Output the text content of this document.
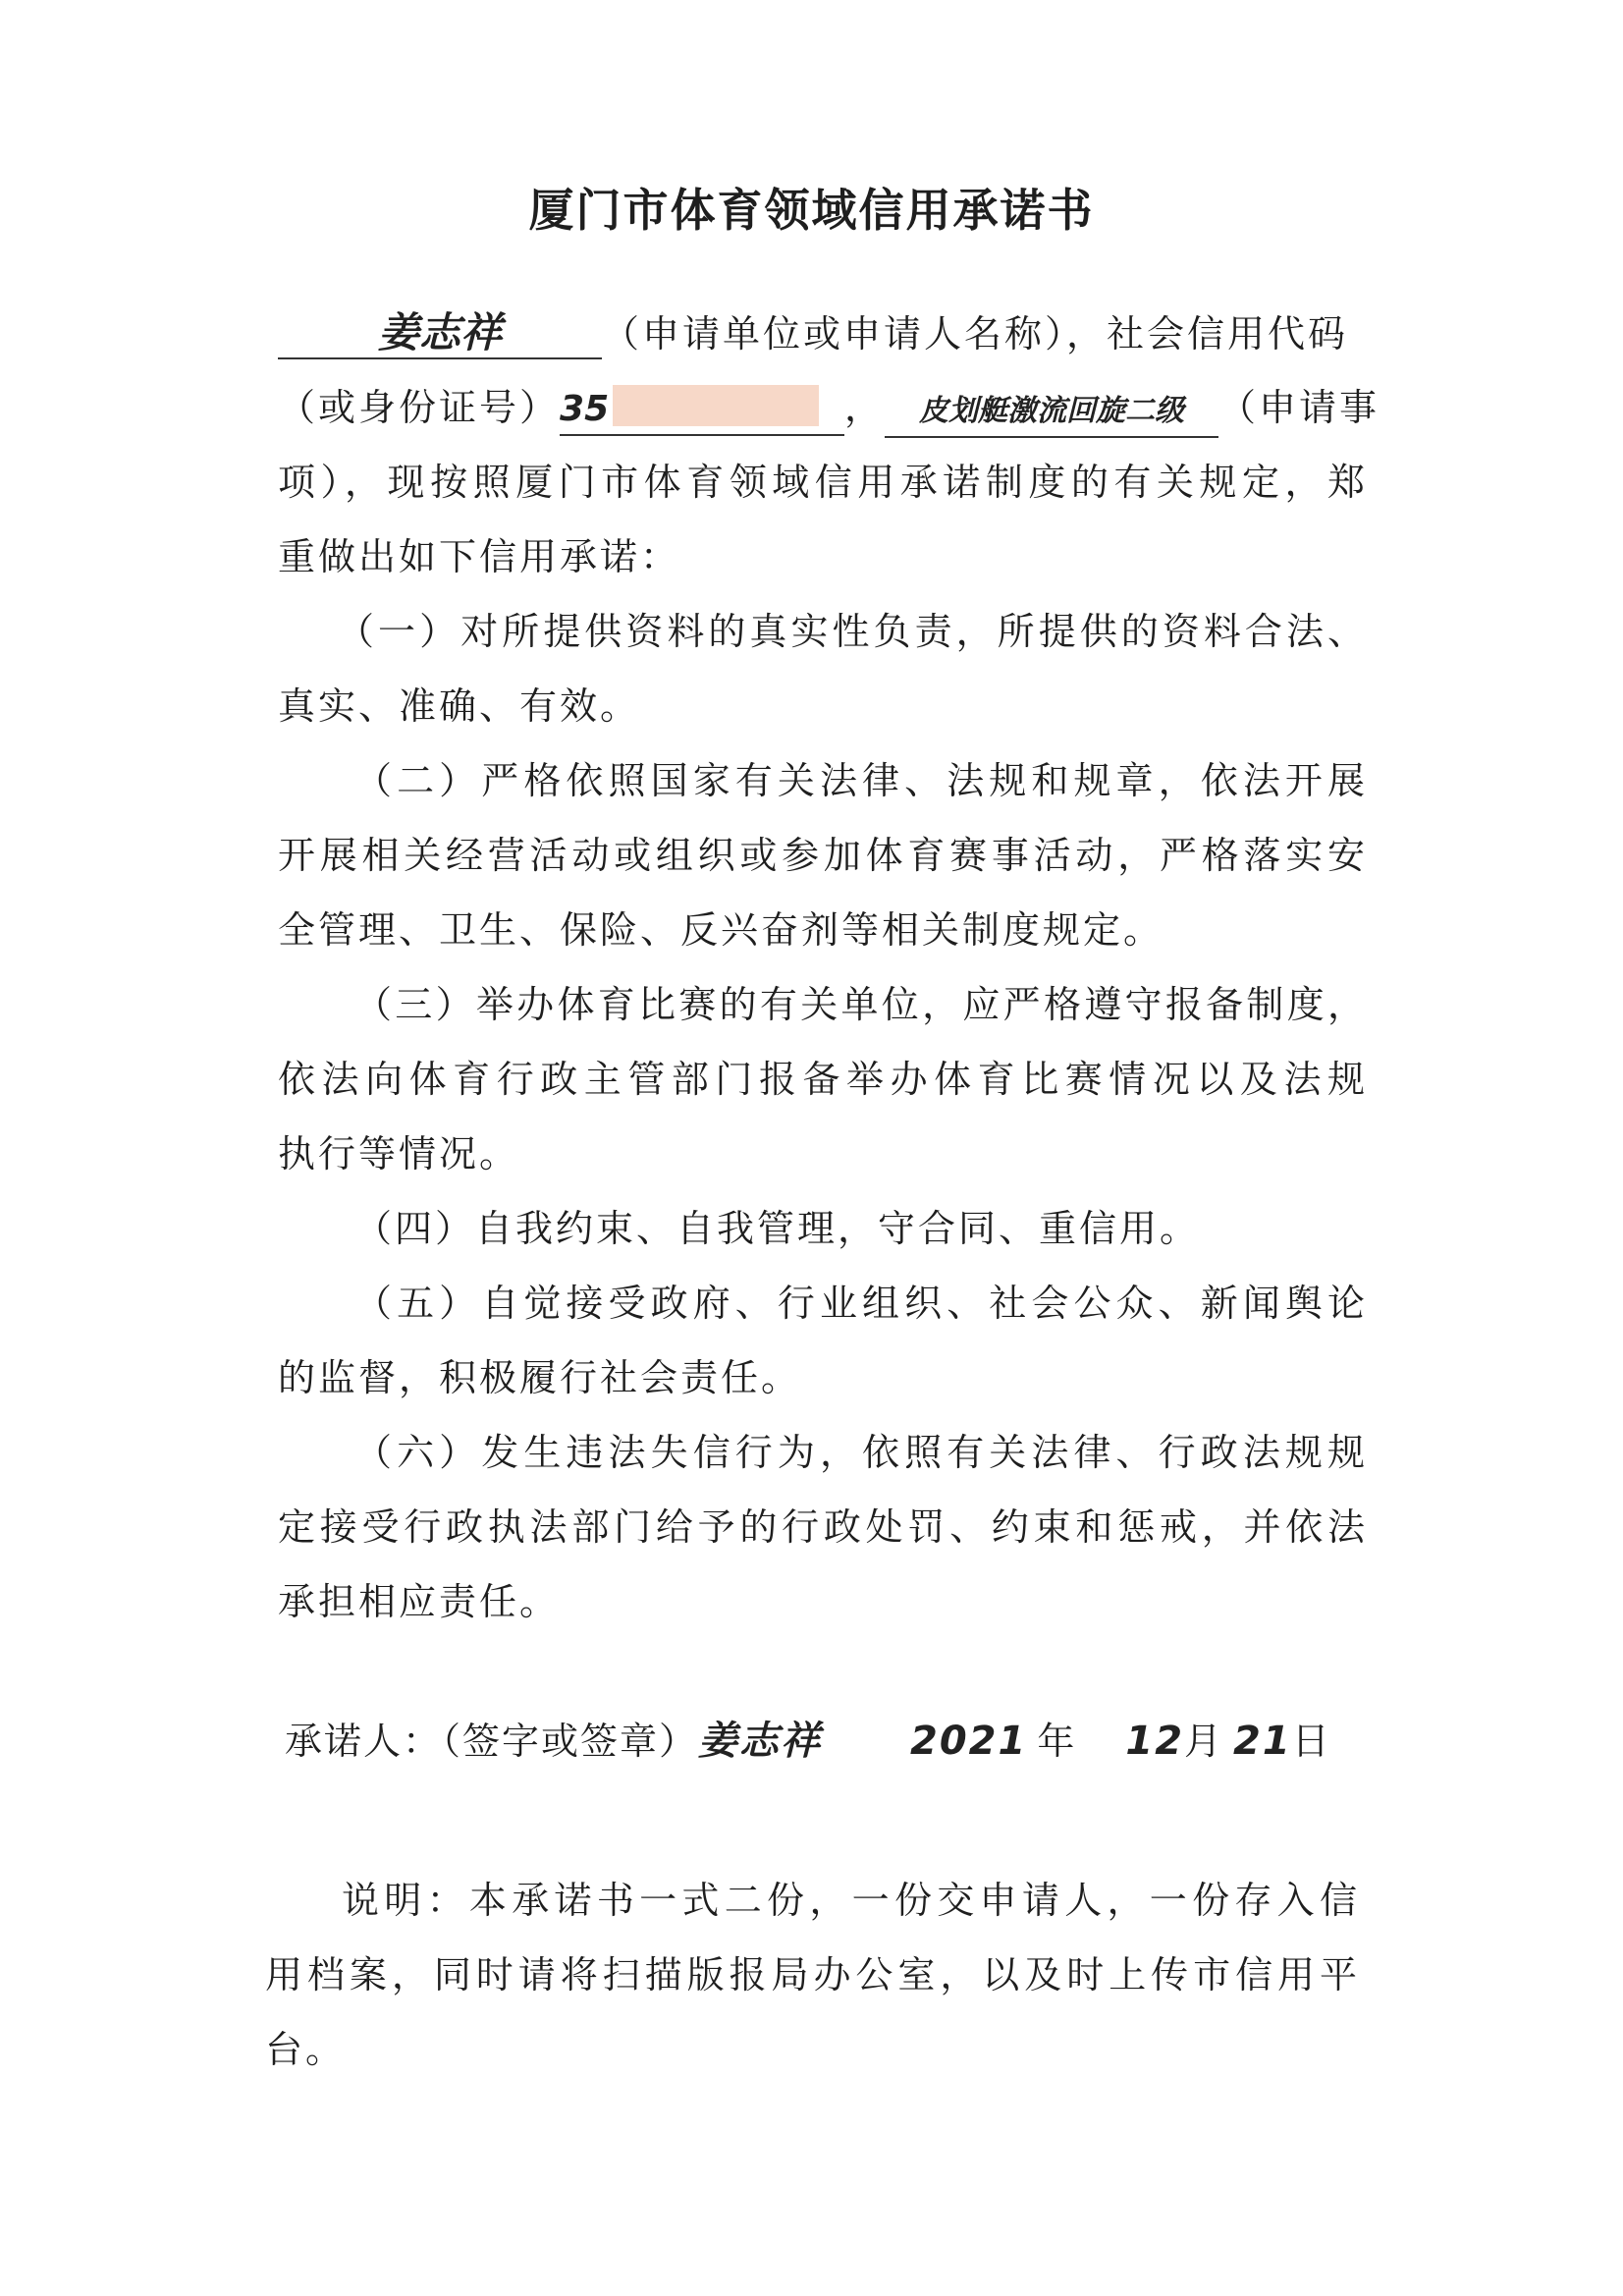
厦门市体育领域信用承诺书
姜志祥	（申请单位或申请人名称），社会信用代码
（或身份证号）35	， 皮划艇激流回旋二级 （申请事
项），现按照厦门市体育领域信用承诺制度的有关规定，郑
重做出如下信用承诺：
（一）对所提供资料的真实性负责，所提供的资料合法、
真实、准确、有效。
（二）严格依照国家有关法律、法规和规章，依法开展
开展相关经营活动或组织或参加体育赛事活动，严格落实安
全管理、卫生、保险、反兴奋剂等相关制度规定。
（三）举办体育比赛的有关单位，应严格遵守报备制度，
依法向体育行政主管部门报备举办体育比赛情况以及法规
执行等情况。
（四）自我约束、自我管理，守合同、重信用。
（五）自觉接受政府、行业组织、社会公众、新闻舆论
的监督，积极履行社会责任。
（六）发生违法失信行为，依照有关法律、行政法规规
定接受行政执法部门给予的行政处罚、约束和惩戒，并依法
承担相应责任。
承诺人：（签字或签章）姜志祥 2021 年 12月 21日
说明：本承诺书一式二份，一份交申请人，一份存入信
用档案，同时请将扫描版报局办公室，以及时上传市信用平
台。
